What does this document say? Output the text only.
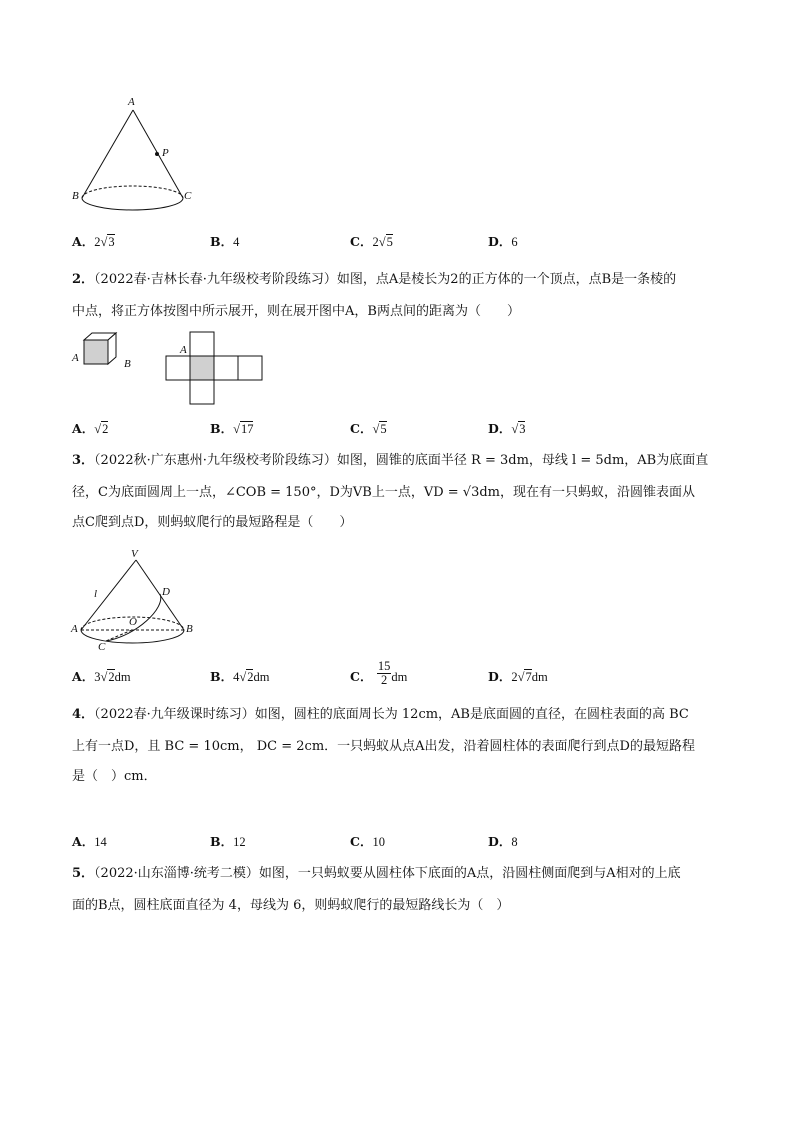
A
P
B	C
A．2√3	B．4	C．2√5	D．6
2．（2022春·吉林长春·九年级校考阶段练习）如图，点A是棱长为2的正方体的一个顶点，点B是一条棱的
中点，将正方体按图中所示展开，则在展开图中A，B两点间的距离为（　　）
A	B
A
A．√2	B．√17	C．√5	D．√3
3．（2022秋·广东惠州·九年级校考阶段练习）如图，圆锥的底面半径 R = 3dm，母线 l = 5dm，AB为底面直
径，C为底面圆周上一点，∠COB = 150°，D为VB上一点，VD = √3dm，现在有一只蚂蚁，沿圆锥表面从
点C爬到点D，则蚂蚁爬行的最短路程是（　　）
V
l	D
A
O
B
C
A．3√2dm	B．4√2dm	C． $\frac{15}{2}$ dm	D．2√7dm
4．（2022春·九年级课时练习）如图，圆柱的底面周长为 12cm，AB是底面圆的直径，在圆柱表面的高 BC
上有一点D，且 BC = 10cm， DC = 2cm．一只蚂蚁从点A出发，沿着圆柱体的表面爬行到点D的最短路程
是（　）cm．
A．14	B．12	C．10	D．8
5．（2022·山东淄博·统考二模）如图，一只蚂蚁要从圆柱体下底面的A点，沿圆柱侧面爬到与A相对的上底
面的B点，圆柱底面直径为 4，母线为 6，则蚂蚁爬行的最短路线长为（　）
